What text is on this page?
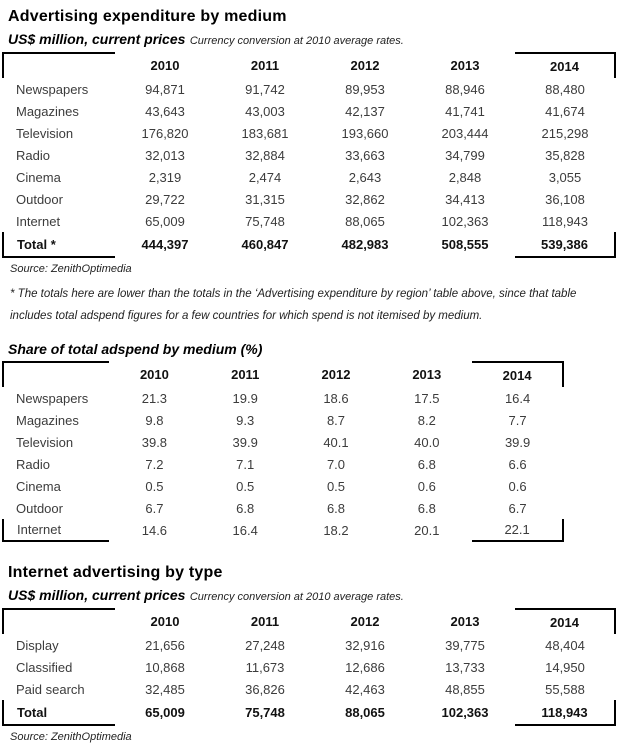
Advertising expenditure by medium
US$ million, current prices Currency conversion at 2010 average rates.
	2010	2011	2012	2013	2014
Newspapers	94,871	91,742	89,953	88,946	88,480
Magazines	43,643	43,003	42,137	41,741	41,674
Television	176,820	183,681	193,660	203,444	215,298
Radio	32,013	32,884	33,663	34,799	35,828
Cinema	2,319	2,474	2,643	2,848	3,055
Outdoor	29,722	31,315	32,862	34,413	36,108
Internet	65,009	75,748	88,065	102,363	118,943
Total *	444,397	460,847	482,983	508,555	539,386
Source: ZenithOptimedia
* The totals here are lower than the totals in the ‘Advertising expenditure by region’ table above, since that table
includes total adspend figures for a few countries for which spend is not itemised by medium.
Share of total adspend by medium (%)
	2010	2011	2012	2013	2014
Newspapers	21.3	19.9	18.6	17.5	16.4
Magazines	9.8	9.3	8.7	8.2	7.7
Television	39.8	39.9	40.1	40.0	39.9
Radio	7.2	7.1	7.0	6.8	6.6
Cinema	0.5	0.5	0.5	0.6	0.6
Outdoor	6.7	6.8	6.8	6.8	6.7
Internet	14.6	16.4	18.2	20.1	22.1
Internet advertising by type
US$ million, current prices Currency conversion at 2010 average rates.
	2010	2011	2012	2013	2014
Display	21,656	27,248	32,916	39,775	48,404
Classified	10,868	11,673	12,686	13,733	14,950
Paid search	32,485	36,826	42,463	48,855	55,588
Total	65,009	75,748	88,065	102,363	118,943
Source: ZenithOptimedia
